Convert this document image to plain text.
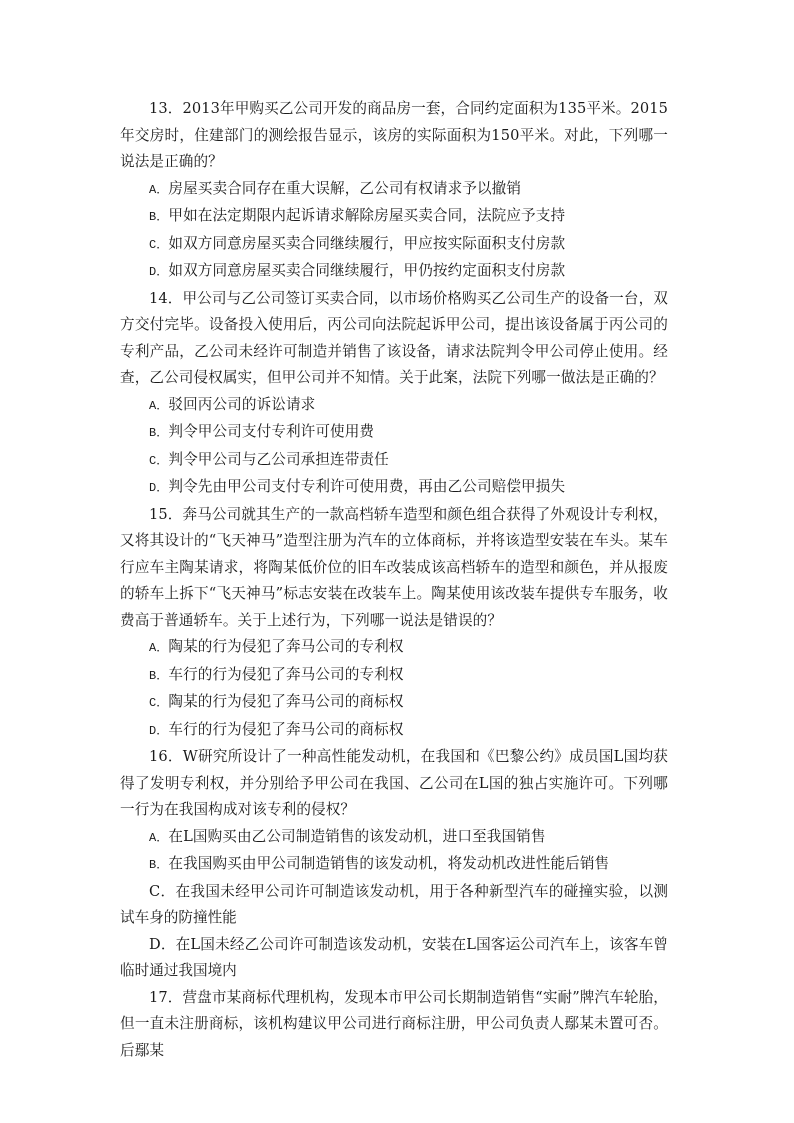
13．2013年甲购买乙公司开发的商品房一套，合同约定面积为135平米。2015年交房时，住建部门的测绘报告显示，该房的实际面积为150平米。对此，下列哪一说法是正确的？

A．房屋买卖合同存在重大误解，乙公司有权请求予以撤销

B．甲如在法定期限内起诉请求解除房屋买卖合同，法院应予支持

C．如双方同意房屋买卖合同继续履行，甲应按实际面积支付房款

D．如双方同意房屋买卖合同继续履行，甲仍按约定面积支付房款

14．甲公司与乙公司签订买卖合同，以市场价格购买乙公司生产的设备一台，双方交付完毕。设备投入使用后，丙公司向法院起诉甲公司，提出该设备属于丙公司的专利产品，乙公司未经许可制造并销售了该设备，请求法院判令甲公司停止使用。经查，乙公司侵权属实，但甲公司并不知情。关于此案，法院下列哪一做法是正确的？

A．驳回丙公司的诉讼请求

B．判令甲公司支付专利许可使用费

C．判令甲公司与乙公司承担连带责任

D．判令先由甲公司支付专利许可使用费，再由乙公司赔偿甲损失

15．奔马公司就其生产的一款高档轿车造型和颜色组合获得了外观设计专利权，又将其设计的“飞天神马”造型注册为汽车的立体商标，并将该造型安装在车头。某车行应车主陶某请求，将陶某低价位的旧车改装成该高档轿车的造型和颜色，并从报废的轿车上拆下“飞天神马”标志安装在改装车上。陶某使用该改装车提供专车服务，收费高于普通轿车。关于上述行为，下列哪一说法是错误的？

A．陶某的行为侵犯了奔马公司的专利权

B．车行的行为侵犯了奔马公司的专利权

C．陶某的行为侵犯了奔马公司的商标权

D．车行的行为侵犯了奔马公司的商标权

16．W研究所设计了一种高性能发动机，在我国和《巴黎公约》成员国L国均获得了发明专利权，并分别给予甲公司在我国、乙公司在L国的独占实施许可。下列哪一行为在我国构成对该专利的侵权？

A．在L国购买由乙公司制造销售的该发动机，进口至我国销售

B．在我国购买由甲公司制造销售的该发动机，将发动机改进性能后销售

C．在我国未经甲公司许可制造该发动机，用于各种新型汽车的碰撞实验，以测试车身的防撞性能

D．在L国未经乙公司许可制造该发动机，安装在L国客运公司汽车上，该客车曾临时通过我国境内

17．营盘市某商标代理机构，发现本市甲公司长期制造销售“实耐”牌汽车轮胎，但一直未注册商标，该机构建议甲公司进行商标注册，甲公司负责人鄢某未置可否。后鄢某
